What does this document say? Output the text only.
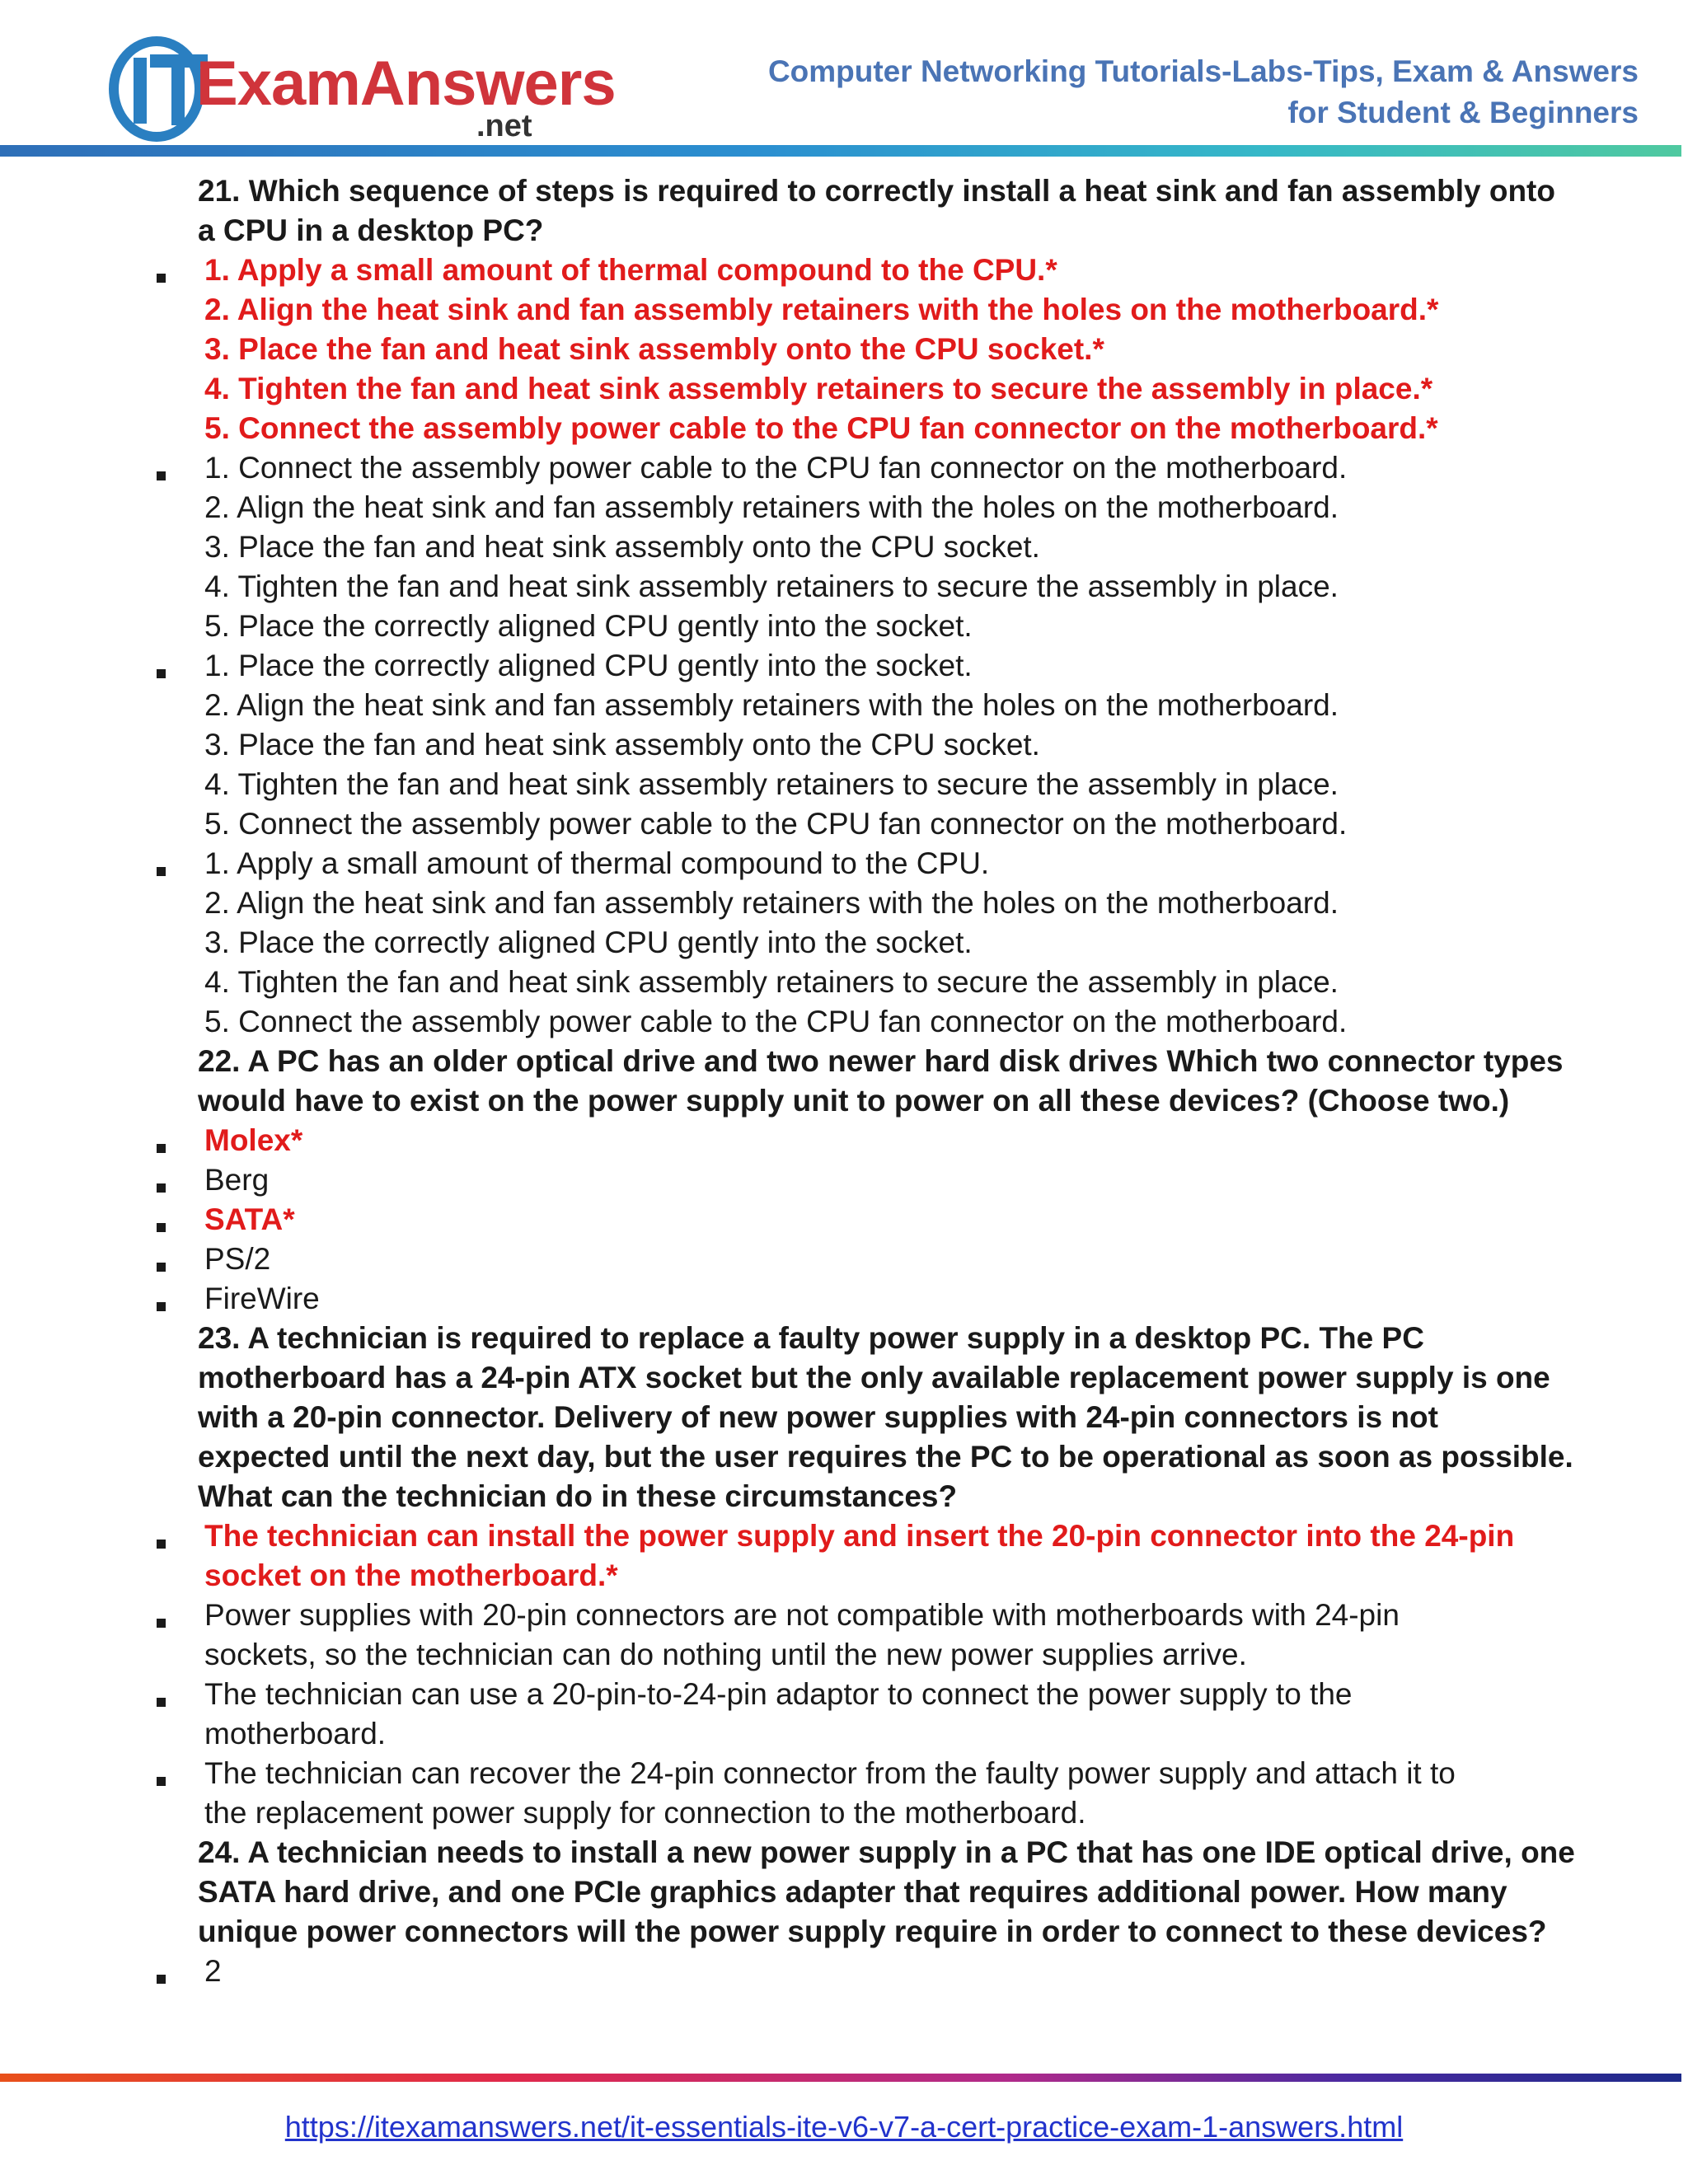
IT
ExamAnswers
.net
Computer Networking Tutorials-Labs-Tips, Exam & Answers
for Student & Beginners
21. Which sequence of steps is required to correctly install a heat sink and fan assembly onto
a CPU in a desktop PC?
1. Apply a small amount of thermal compound to the CPU.*
2. Align the heat sink and fan assembly retainers with the holes on the motherboard.*
3. Place the fan and heat sink assembly onto the CPU socket.*
4. Tighten the fan and heat sink assembly retainers to secure the assembly in place.*
5. Connect the assembly power cable to the CPU fan connector on the motherboard.*
1. Connect the assembly power cable to the CPU fan connector on the motherboard.
2. Align the heat sink and fan assembly retainers with the holes on the motherboard.
3. Place the fan and heat sink assembly onto the CPU socket.
4. Tighten the fan and heat sink assembly retainers to secure the assembly in place.
5. Place the correctly aligned CPU gently into the socket.
1. Place the correctly aligned CPU gently into the socket.
2. Align the heat sink and fan assembly retainers with the holes on the motherboard.
3. Place the fan and heat sink assembly onto the CPU socket.
4. Tighten the fan and heat sink assembly retainers to secure the assembly in place.
5. Connect the assembly power cable to the CPU fan connector on the motherboard.
1. Apply a small amount of thermal compound to the CPU.
2. Align the heat sink and fan assembly retainers with the holes on the motherboard.
3. Place the correctly aligned CPU gently into the socket.
4. Tighten the fan and heat sink assembly retainers to secure the assembly in place.
5. Connect the assembly power cable to the CPU fan connector on the motherboard.
22. A PC has an older optical drive and two newer hard disk drives Which two connector types
would have to exist on the power supply unit to power on all these devices? (Choose two.)
Molex*
Berg
SATA*
PS/2
FireWire
23. A technician is required to replace a faulty power supply in a desktop PC. The PC
motherboard has a 24-pin ATX socket but the only available replacement power supply is one
with a 20-pin connector. Delivery of new power supplies with 24-pin connectors is not
expected until the next day, but the user requires the PC to be operational as soon as possible.
What can the technician do in these circumstances?
The technician can install the power supply and insert the 20-pin connector into the 24-pin
socket on the motherboard.*
Power supplies with 20-pin connectors are not compatible with motherboards with 24-pin
sockets, so the technician can do nothing until the new power supplies arrive.
The technician can use a 20-pin-to-24-pin adaptor to connect the power supply to the
motherboard.
The technician can recover the 24-pin connector from the faulty power supply and attach it to
the replacement power supply for connection to the motherboard.
24. A technician needs to install a new power supply in a PC that has one IDE optical drive, one
SATA hard drive, and one PCIe graphics adapter that requires additional power. How many
unique power connectors will the power supply require in order to connect to these devices?
2
https://itexamanswers.net/it-essentials-ite-v6-v7-a-cert-practice-exam-1-answers.html
